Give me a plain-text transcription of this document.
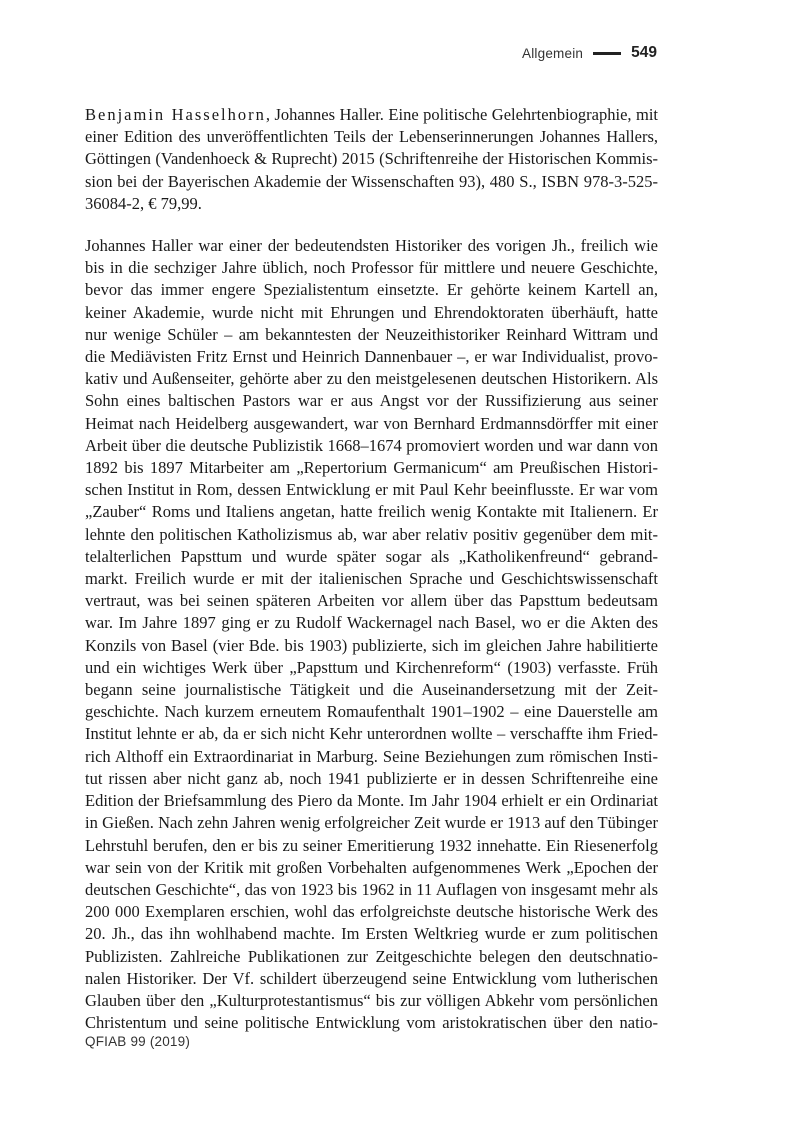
Allgemein	549
Benjamin Hasselhorn, Johannes Haller. Eine politische Gelehrtenbiographie, mit
einer Edition des unveröffentlichten Teils der Lebenserinnerungen Johannes Hallers,
Göttingen (Vandenhoeck & Ruprecht) 2015 (Schriftenreihe der Historischen Kommis-
sion bei der Bayerischen Akademie der Wissenschaften 93), 480 S., ISBN 978-3-525-
36084-2, € 79,99.
Johannes Haller war einer der bedeutendsten Historiker des vorigen Jh., freilich wie
bis in die sechziger Jahre üblich, noch Professor für mittlere und neuere Geschichte,
bevor das immer engere Spezialistentum einsetzte. Er gehörte keinem Kartell an,
keiner Akademie, wurde nicht mit Ehrungen und Ehrendoktoraten überhäuft, hatte
nur wenige Schüler – am bekanntesten der Neuzeithistoriker Reinhard Wittram und
die Mediävisten Fritz Ernst und Heinrich Dannenbauer –, er war Individualist, provo-
kativ und Außenseiter, gehörte aber zu den meistgelesenen deutschen Historikern. Als
Sohn eines baltischen Pastors war er aus Angst vor der Russifizierung aus seiner
Heimat nach Heidelberg ausgewandert, war von Bernhard Erdmannsdörffer mit einer
Arbeit über die deutsche Publizistik 1668–1674 promoviert worden und war dann von
1892 bis 1897 Mitarbeiter am „Repertorium Germanicum“ am Preußischen Histori-
schen Institut in Rom, dessen Entwicklung er mit Paul Kehr beeinflusste. Er war vom
„Zauber“ Roms und Italiens angetan, hatte freilich wenig Kontakte mit Italienern. Er
lehnte den politischen Katholizismus ab, war aber relativ positiv gegenüber dem mit-
telalterlichen Papsttum und wurde später sogar als „Katholikenfreund“ gebrand-
markt. Freilich wurde er mit der italienischen Sprache und Geschichtswissenschaft
vertraut, was bei seinen späteren Arbeiten vor allem über das Papsttum bedeutsam
war. Im Jahre 1897 ging er zu Rudolf Wackernagel nach Basel, wo er die Akten des
Konzils von Basel (vier Bde. bis 1903) publizierte, sich im gleichen Jahre habilitierte
und ein wichtiges Werk über „Papsttum und Kirchenreform“ (1903) verfasste. Früh
begann seine journalistische Tätigkeit und die Auseinandersetzung mit der Zeit-
geschichte. Nach kurzem erneutem Romaufenthalt 1901–1902 – eine Dauerstelle am
Institut lehnte er ab, da er sich nicht Kehr unterordnen wollte – verschaffte ihm Fried-
rich Althoff ein Extraordinariat in Marburg. Seine Beziehungen zum römischen Insti-
tut rissen aber nicht ganz ab, noch 1941 publizierte er in dessen Schriftenreihe eine
Edition der Briefsammlung des Piero da Monte. Im Jahr 1904 erhielt er ein Ordinariat
in Gießen. Nach zehn Jahren wenig erfolgreicher Zeit wurde er 1913 auf den Tübinger
Lehrstuhl berufen, den er bis zu seiner Emeritierung 1932 innehatte. Ein Riesenerfolg
war sein von der Kritik mit großen Vorbehalten aufgenommenes Werk „Epochen der
deutschen Geschichte“, das von 1923 bis 1962 in 11 Auflagen von insgesamt mehr als
200 000 Exemplaren erschien, wohl das erfolgreichste deutsche historische Werk des
20. Jh., das ihn wohlhabend machte. Im Ersten Weltkrieg wurde er zum politischen
Publizisten. Zahlreiche Publikationen zur Zeitgeschichte belegen den deutschnatio-
nalen Historiker. Der Vf. schildert überzeugend seine Entwicklung vom lutherischen
Glauben über den „Kulturprotestantismus“ bis zur völligen Abkehr vom persönlichen
Christentum und seine politische Entwicklung vom aristokratischen über den natio-
QFIAB 99 (2019)
